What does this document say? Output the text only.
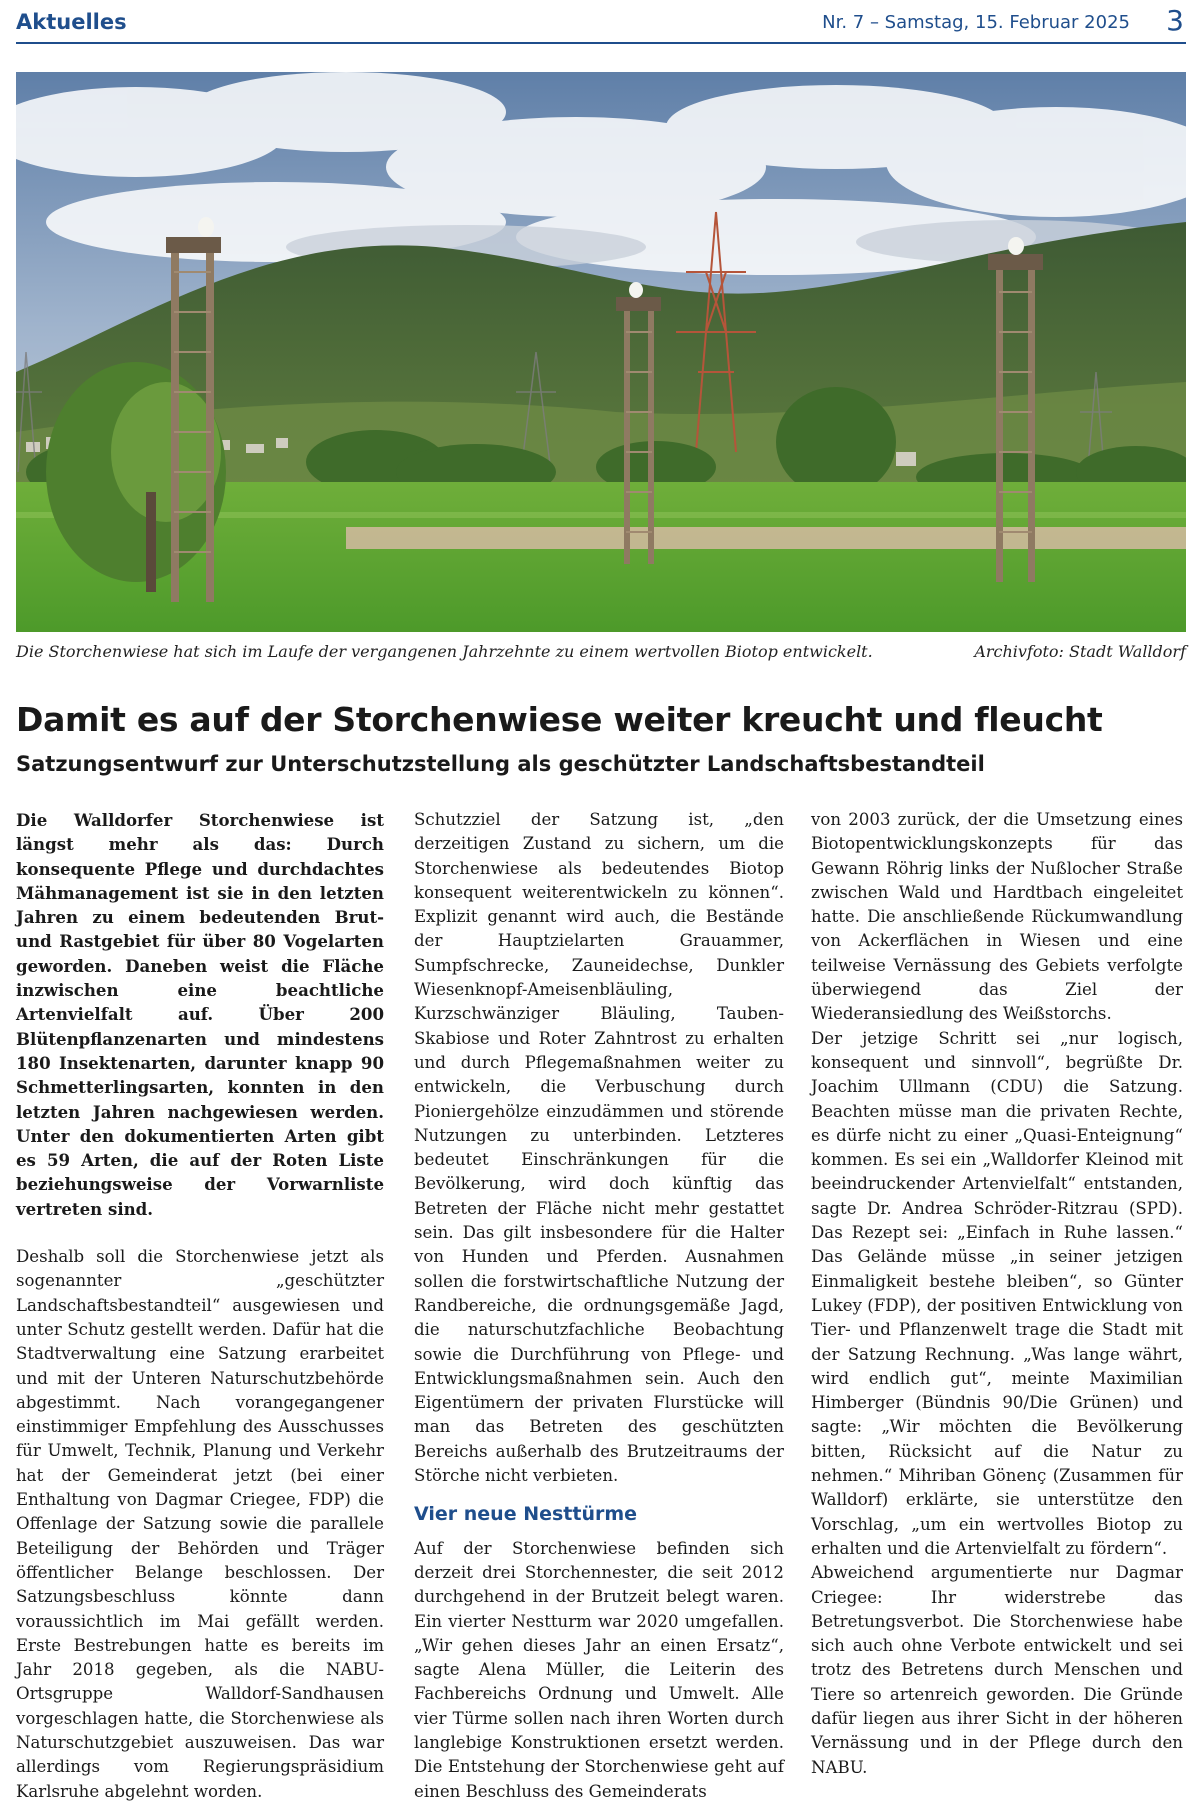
Aktuelles	Nr. 7 – Samstag, 15. Februar 2025 3
Die Storchenwiese hat sich im Laufe der vergangenen Jahrzehnte zu einem wertvollen Biotop entwickelt.	Archivfoto: Stadt Walldorf
Damit es auf der Storchenwiese weiter kreucht und fleucht
Satzungsentwurf zur Unterschutzstellung als geschützter Landschaftsbestandteil

Die Walldorfer Storchenwiese ist längst mehr als das: Durch konsequente Pflege und durchdachtes Mähmanagement ist sie in den letzten Jahren zu einem bedeutenden Brut- und Rastgebiet für über 80 Vogelarten geworden. Daneben weist die Fläche inzwischen eine beachtliche Artenvielfalt auf. Über 200 Blütenpflanzenarten und mindestens 180 Insektenarten, darunter knapp 90 Schmetterlingsarten, konnten in den letzten Jahren nachgewiesen werden. Unter den dokumentierten Arten gibt es 59 Arten, die auf der Roten Liste beziehungsweise der Vorwarnliste vertreten sind.

Deshalb soll die Storchenwiese jetzt als sogenannter „geschützter Landschaftsbestandteil“ ausgewiesen und unter Schutz gestellt werden. Dafür hat die Stadtverwaltung eine Satzung erarbeitet und mit der Unteren Naturschutzbehörde abgestimmt. Nach vorangegangener einstimmiger Empfehlung des Ausschusses für Umwelt, Technik, Planung und Verkehr hat der Gemeinderat jetzt (bei einer Enthaltung von Dagmar Criegee, FDP) die Offenlage der Satzung sowie die parallele Beteiligung der Behörden und Träger öffentlicher Belange beschlossen. Der Satzungsbeschluss könnte dann voraussichtlich im Mai gefällt werden. Erste Bestrebungen hatte es bereits im Jahr 2018 gegeben, als die NABU-Ortsgruppe Walldorf-Sandhausen vorgeschlagen hatte, die Storchenwiese als Naturschutzgebiet auszuweisen. Das war allerdings vom Regierungspräsidium Karlsruhe abgelehnt worden.

Schutzziel der Satzung ist, „den derzeitigen Zustand zu sichern, um die Storchenwiese als bedeutendes Biotop konsequent weiterentwickeln zu können“. Explizit genannt wird auch, die Bestände der Hauptzielarten Grauammer, Sumpfschrecke, Zauneidechse, Dunkler Wiesenknopf-Ameisenbläuling, Kurzschwänziger Bläuling, Tauben-Skabiose und Roter Zahntrost zu erhalten und durch Pflegemaßnahmen weiter zu entwickeln, die Verbuschung durch Pioniergehölze einzudämmen und störende Nutzungen zu unterbinden. Letzteres bedeutet Einschränkungen für die Bevölkerung, wird doch künftig das Betreten der Fläche nicht mehr gestattet sein. Das gilt insbesondere für die Halter von Hunden und Pferden. Ausnahmen sollen die forstwirtschaftliche Nutzung der Randbereiche, die ordnungsgemäße Jagd, die naturschutzfachliche Beobachtung sowie die Durchführung von Pflege- und Entwicklungsmaßnahmen sein. Auch den Eigentümern der privaten Flurstücke will man das Betreten des geschützten Bereichs außerhalb des Brutzeitraums der Störche nicht verbieten.

Vier neue Nesttürme

Auf der Storchenwiese befinden sich derzeit drei Storchennester, die seit 2012 durchgehend in der Brutzeit belegt waren. Ein vierter Nestturm war 2020 umgefallen. „Wir gehen dieses Jahr an einen Ersatz“, sagte Alena Müller, die Leiterin des Fachbereichs Ordnung und Umwelt. Alle vier Türme sollen nach ihren Worten durch langlebige Konstruktionen ersetzt werden. Die Entstehung der Storchenwiese geht auf einen Beschluss des Gemeinderats

von 2003 zurück, der die Umsetzung eines Biotopentwicklungskonzepts für das Gewann Röhrig links der Nußlocher Straße zwischen Wald und Hardtbach eingeleitet hatte. Die anschließende Rückumwandlung von Ackerflächen in Wiesen und eine teilweise Vernässung des Gebiets verfolgte überwiegend das Ziel der Wiederansiedlung des Weißstorchs.

Der jetzige Schritt sei „nur logisch, konsequent und sinnvoll“, begrüßte Dr. Joachim Ullmann (CDU) die Satzung. Beachten müsse man die privaten Rechte, es dürfe nicht zu einer „Quasi-Enteignung“ kommen. Es sei ein „Walldorfer Kleinod mit beeindruckender Artenvielfalt“ entstanden, sagte Dr. Andrea Schröder-Ritzrau (SPD). Das Rezept sei: „Einfach in Ruhe lassen.“ Das Gelände müsse „in seiner jetzigen Einmaligkeit bestehe bleiben“, so Günter Lukey (FDP), der positiven Entwicklung von Tier- und Pflanzenwelt trage die Stadt mit der Satzung Rechnung. „Was lange währt, wird endlich gut“, meinte Maximilian Himberger (Bündnis 90/Die Grünen) und sagte: „Wir möchten die Bevölkerung bitten, Rücksicht auf die Natur zu nehmen.“ Mihriban Gönenç (Zusammen für Walldorf) erklärte, sie unterstütze den Vorschlag, „um ein wertvolles Biotop zu erhalten und die Artenvielfalt zu fördern“.

Abweichend argumentierte nur Dagmar Criegee: Ihr widerstrebe das Betretungsverbot. Die Storchenwiese habe sich auch ohne Verbote entwickelt und sei trotz des Betretens durch Menschen und Tiere so artenreich geworden. Die Gründe dafür liegen aus ihrer Sicht in der höheren Vernässung und in der Pflege durch den NABU.
